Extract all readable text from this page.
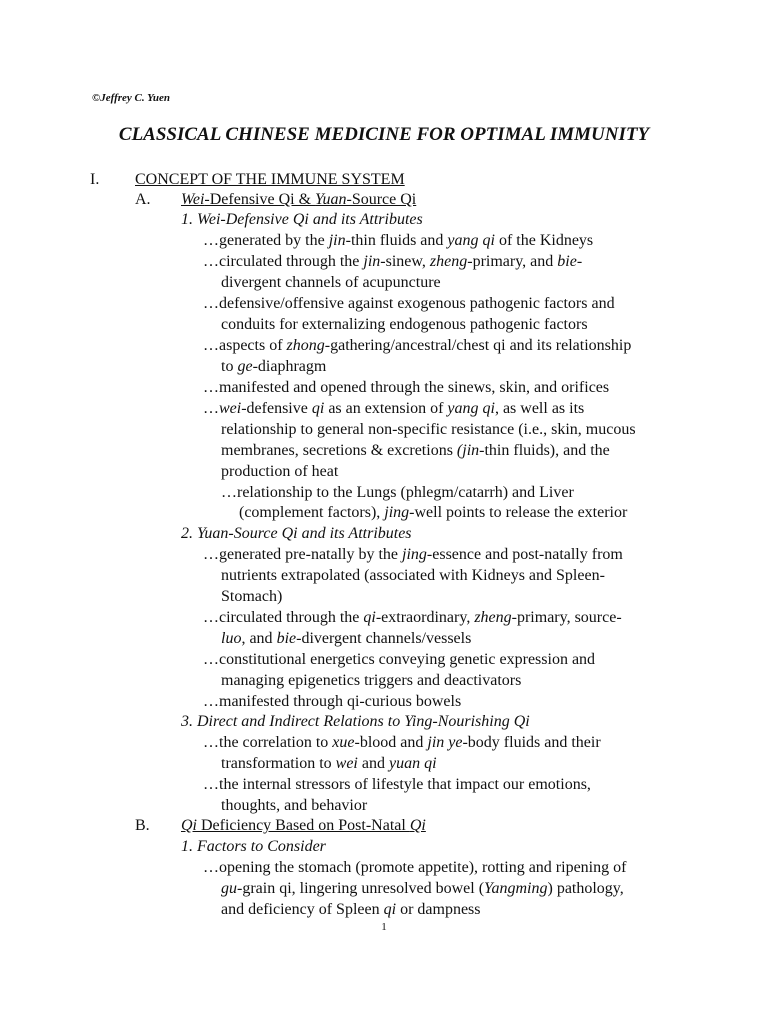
©Jeffrey C. Yuen
CLASSICAL CHINESE MEDICINE FOR OPTIMAL IMMUNITY
I. CONCEPT OF THE IMMUNE SYSTEM
A. Wei-Defensive Qi & Yuan-Source Qi
1. Wei-Defensive Qi and its Attributes
…generated by the jin-thin fluids and yang qi of the Kidneys
…circulated through the jin-sinew, zheng-primary, and bie-
divergent channels of acupuncture
…defensive/offensive against exogenous pathogenic factors and
conduits for externalizing endogenous pathogenic factors
…aspects of zhong-gathering/ancestral/chest qi and its relationship
to ge-diaphragm
…manifested and opened through the sinews, skin, and orifices
…wei-defensive qi as an extension of yang qi, as well as its
relationship to general non-specific resistance (i.e., skin, mucous
membranes, secretions & excretions (jin-thin fluids), and the
production of heat
…relationship to the Lungs (phlegm/catarrh) and Liver
(complement factors), jing-well points to release the exterior
2. Yuan-Source Qi and its Attributes
…generated pre-natally by the jing-essence and post-natally from
nutrients extrapolated (associated with Kidneys and Spleen-
Stomach)
…circulated through the qi-extraordinary, zheng-primary, source-
luo, and bie-divergent channels/vessels
…constitutional energetics conveying genetic expression and
managing epigenetics triggers and deactivators
…manifested through qi-curious bowels
3. Direct and Indirect Relations to Ying-Nourishing Qi
…the correlation to xue-blood and jin ye-body fluids and their
transformation to wei and yuan qi
…the internal stressors of lifestyle that impact our emotions,
thoughts, and behavior
B. Qi Deficiency Based on Post-Natal Qi
1. Factors to Consider
…opening the stomach (promote appetite), rotting and ripening of
gu-grain qi, lingering unresolved bowel (Yangming) pathology,
and deficiency of Spleen qi or dampness
1
